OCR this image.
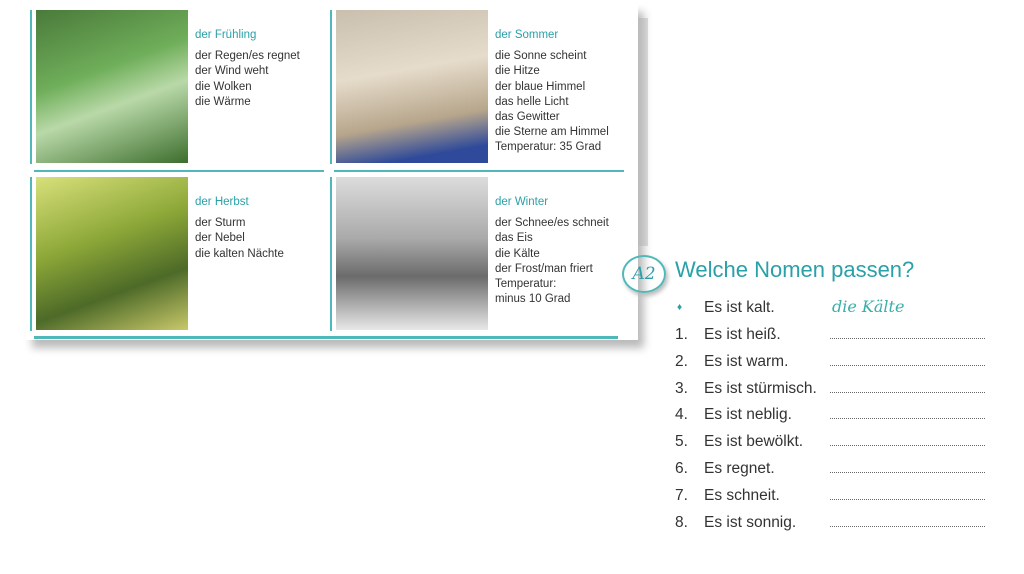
der Frühling
der Regen/es regnet
der Wind weht
die Wolken
die Wärme
der Sommer
die Sonne scheint
die Hitze
der blaue Himmel
das helle Licht
das Gewitter
die Sterne am Himmel
Temperatur: 35 Grad
der Herbst
der Sturm
der Nebel
die kalten Nächte
der Winter
der Schnee/es schneit
das Eis
die Kälte
der Frost/man friert
Temperatur:
minus 10 Grad
A2 Welche Nomen passen?
♦ Es ist kalt.	die Kälte
1. Es ist heiß.
2. Es ist warm.
3. Es ist stürmisch.
4. Es ist neblig.
5. Es ist bewölkt.
6. Es regnet.
7. Es schneit.
8. Es ist sonnig.
